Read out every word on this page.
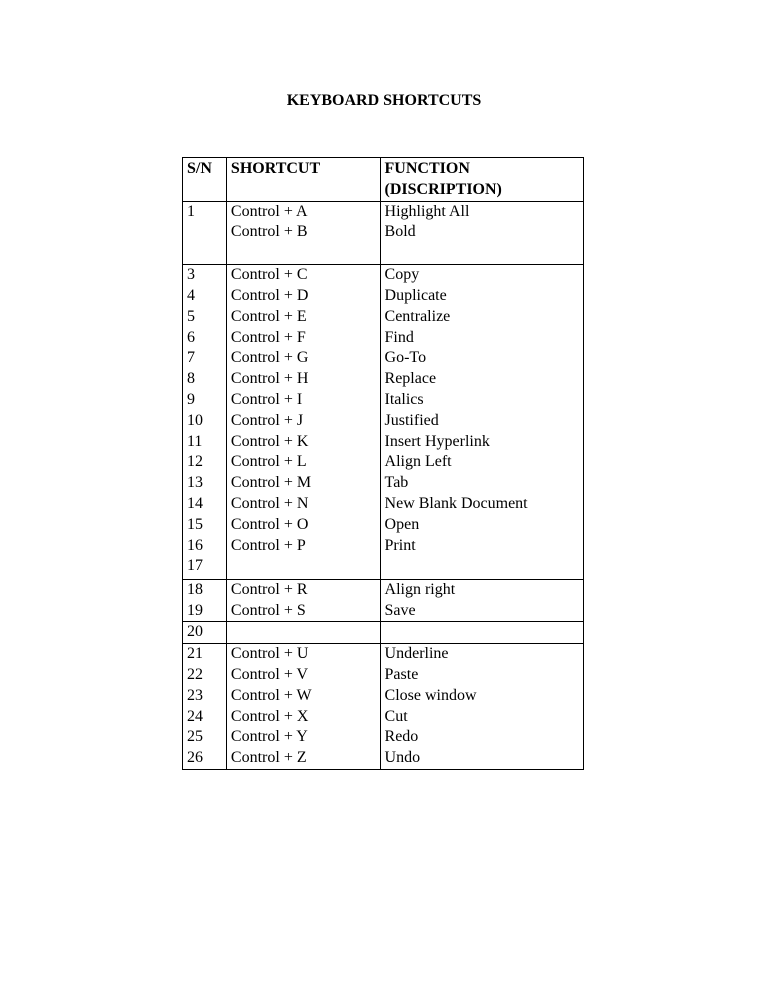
KEYBOARD SHORTCUTS
S/N	SHORTCUT	FUNCTION (DISCRIPTION)
1	Control + A	Highlight All
	Control + B	Bold
3	Control + C	Copy
4	Control + D	Duplicate
5	Control + E	Centralize
6	Control + F	Find
7	Control + G	Go-To
8	Control + H	Replace
9	Control + I	Italics
10	Control + J	Justified
11	Control + K	Insert Hyperlink
12	Control + L	Align Left
13	Control + M	Tab
14	Control + N	New Blank Document
15	Control + O	Open
16	Control + P	Print
17		
18	Control + R	Align right
19	Control + S	Save
20		
21	Control + U	Underline
22	Control + V	Paste
23	Control + W	Close window
24	Control + X	Cut
25	Control + Y	Redo
26	Control + Z	Undo
